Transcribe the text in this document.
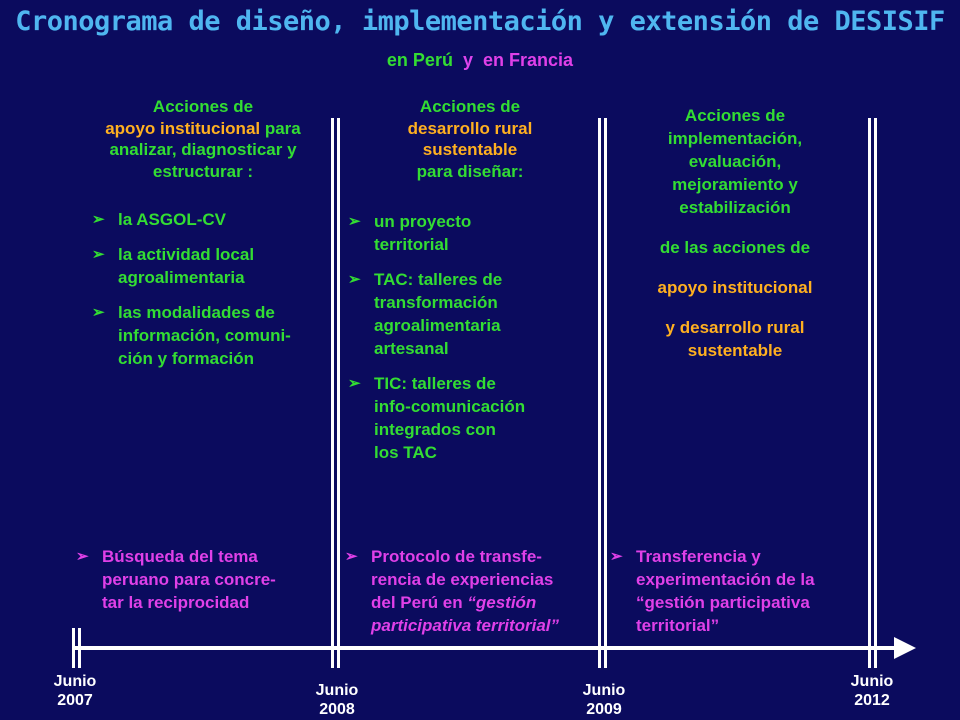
Cronograma de diseño, implementación y extensión de DESISIF
en Perú y en Francia
Acciones de
apoyo institucional para
analizar, diagnosticar y
estructurar :
➢ la ASGOL-CV
➢ la actividad local
agroalimentaria
➢ las modalidades de
información, comuni-
ción y formación
Acciones de
desarrollo rural
sustentable
para diseñar:
➢ un proyecto
territorial
➢ TAC: talleres de
transformación
agroalimentaria
artesanal
➢ TIC: talleres de
info-comunicación
integrados con
los TAC
Acciones de
implementación,
evaluación,
mejoramiento y
estabilización
de las acciones de
apoyo institucional
y desarrollo rural
sustentable
➢ Búsqueda del tema
peruano para concre-
tar la reciprocidad
➢ Protocolo de transfe-
rencia de experiencias
del Perú en “gestión
participativa territorial”
➢ Transferencia y
experimentación de la
“gestión participativa
territorial”
Junio
2007
Junio
2008
Junio
2009
Junio
2012
